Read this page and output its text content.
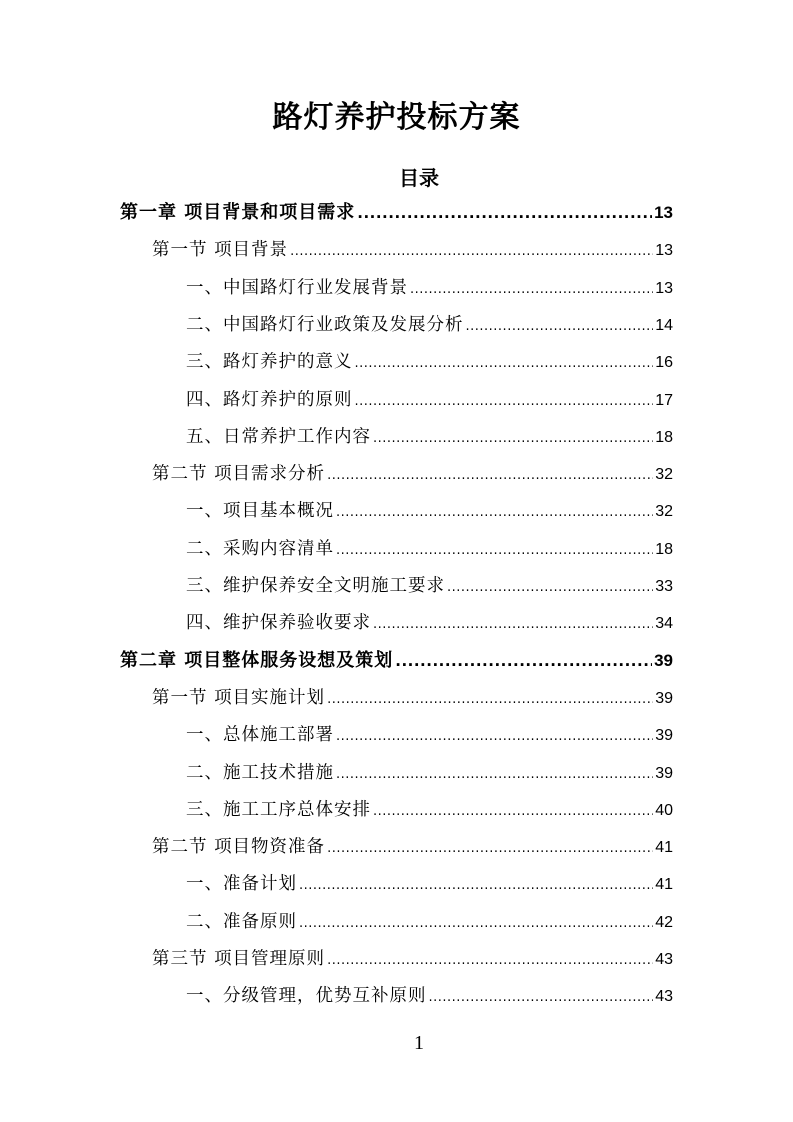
路灯养护投标方案
目录
第一章 项目背景和项目需求 .....	13
第一节 项目背景 .....	13
一、中国路灯行业发展背景 .....	13
二、中国路灯行业政策及发展分析 .....	14
三、路灯养护的意义 .....	16
四、路灯养护的原则 .....	17
五、日常养护工作内容 .....	18
第二节 项目需求分析 .....	32
一、项目基本概况 .....	32
二、采购内容清单 .....	18
三、维护保养安全文明施工要求 .....	33
四、维护保养验收要求 .....	34
第二章 项目整体服务设想及策划 .....	39
第一节 项目实施计划 .....	39
一、总体施工部署 .....	39
二、施工技术措施 .....	39
三、施工工序总体安排 .....	40
第二节 项目物资准备 .....	41
一、准备计划 .....	41
二、准备原则 .....	42
第三节 项目管理原则 .....	43
一、分级管理，优势互补原则 .....	43
1
